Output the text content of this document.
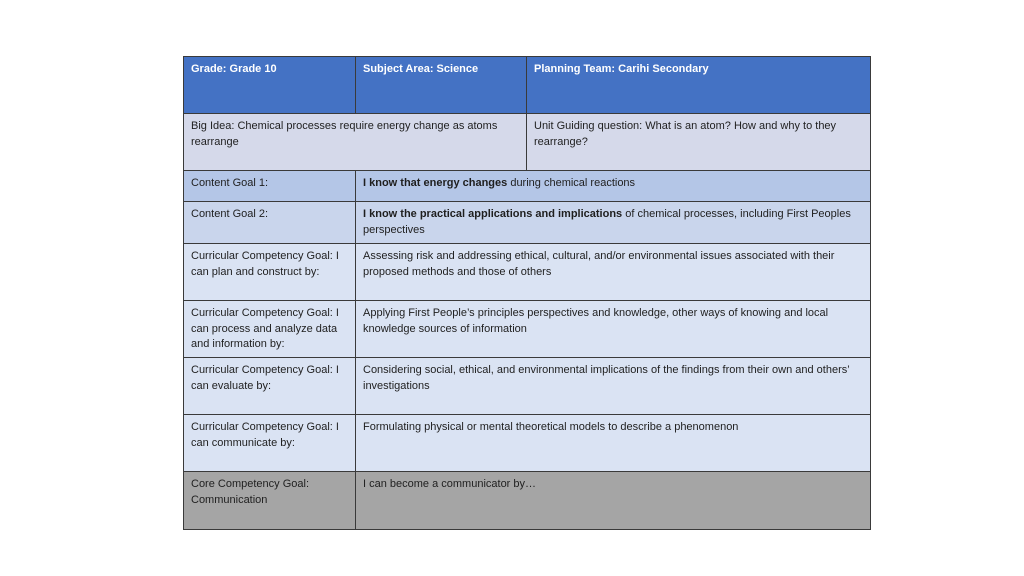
Grade: Grade 10	Subject Area: Science	Planning Team: Carihi Secondary
Big Idea: Chemical processes require energy change as atoms rearrange		Unit Guiding question: What is an atom? How and why to they rearrange?
Content Goal 1:	I know that energy changes during chemical reactions	
Content Goal 2:	I know the practical applications and implications of chemical processes, including First Peoples perspectives	
Curricular Competency Goal: I can plan and construct by:	Assessing risk and addressing ethical, cultural, and/or environmental issues associated with their proposed methods and those of others	
Curricular Competency Goal: I can process and analyze data and information by:	Applying First People’s principles perspectives and knowledge, other ways of knowing and local knowledge sources of information	
Curricular Competency Goal: I can evaluate by:	Considering social, ethical, and environmental implications of the findings from their own and others’ investigations	
Curricular Competency Goal: I can communicate by:	Formulating physical or mental theoretical models to describe a phenomenon	
Core Competency Goal: Communication	I can become a communicator by…	
